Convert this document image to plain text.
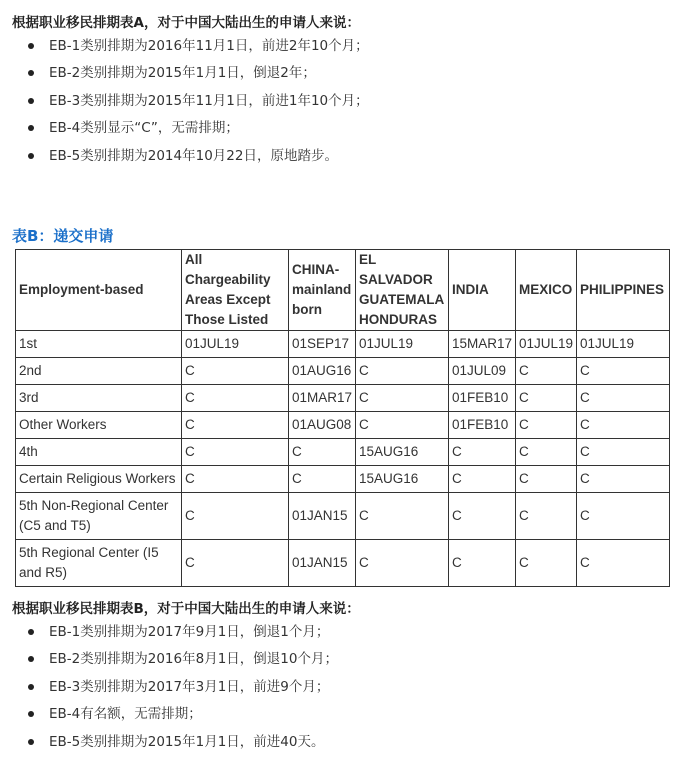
根据职业移民排期表A，对于中国大陆出生的申请人来说：
EB-1类别排期为2016年11月1日，前进2年10个月；
EB-2类别排期为2015年1月1日，倒退2年；
EB-3类别排期为2015年11月1日，前进1年10个月；
EB-4类别显示“C”，无需排期；
EB-5类别排期为2014年10月22日，原地踏步。
表B：递交申请
Employment-based	All Chargeability Areas Except Those Listed	CHINA-mainland born	EL SALVADOR GUATEMALA HONDURAS	INDIA	MEXICO	PHILIPPINES
1st	01JUL19	01SEP17	01JUL19	15MAR17	01JUL19	01JUL19
2nd	C	01AUG16	C	01JUL09	C	C
3rd	C	01MAR17	C	01FEB10	C	C
Other Workers	C	01AUG08	C	01FEB10	C	C
4th	C	C	15AUG16	C	C	C
Certain Religious Workers	C	C	15AUG16	C	C	C
5th Non-Regional Center (C5 and T5)	C	01JAN15	C	C	C	C
5th Regional Center (I5 and R5)	C	01JAN15	C	C	C	C
根据职业移民排期表B，对于中国大陆出生的申请人来说：
EB-1类别排期为2017年9月1日，倒退1个月；
EB-2类别排期为2016年8月1日，倒退10个月；
EB-3类别排期为2017年3月1日，前进9个月；
EB-4有名额，无需排期；
EB-5类别排期为2015年1月1日，前进40天。
